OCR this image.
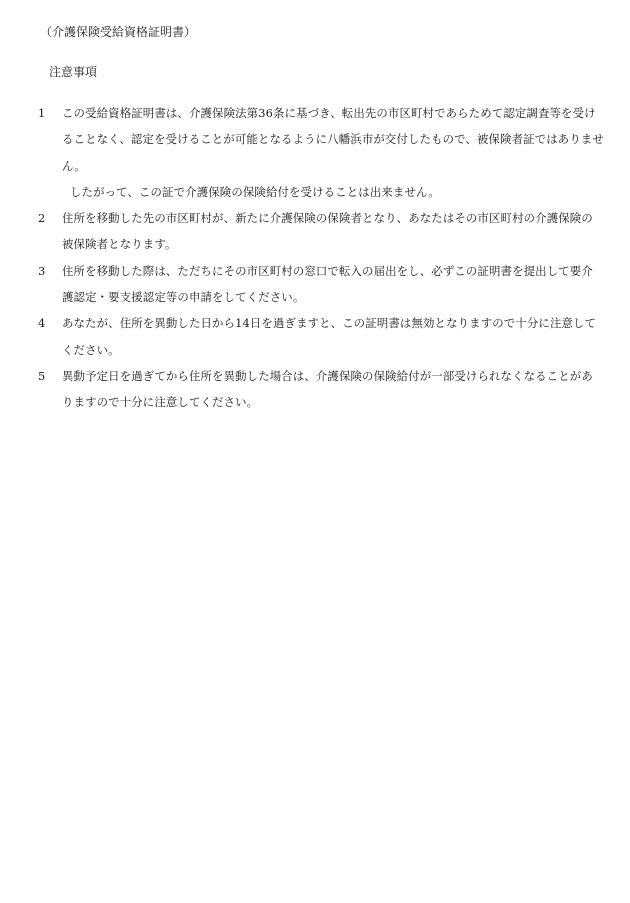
（介護保険受給資格証明書）
注意事項
1 この受給資格証明書は、介護保険法第36条に基づき、転出先の市区町村であらためて認定調査等を受けることなく、認定を受けることが可能となるように八幡浜市が交付したもので、被保険者証ではありません。
したがって、この証で介護保険の保険給付を受けることは出来ません。
2 住所を移動した先の市区町村が、新たに介護保険の保険者となり、あなたはその市区町村の介護保険の被保険者となります。
3 住所を移動した際は、ただちにその市区町村の窓口で転入の届出をし、必ずこの証明書を提出して要介護認定・要支援認定等の申請をしてください。
4 あなたが、住所を異動した日から14日を過ぎますと、この証明書は無効となりますので十分に注意してください。
5 異動予定日を過ぎてから住所を異動した場合は、介護保険の保険給付が一部受けられなくなることがありますので十分に注意してください。
